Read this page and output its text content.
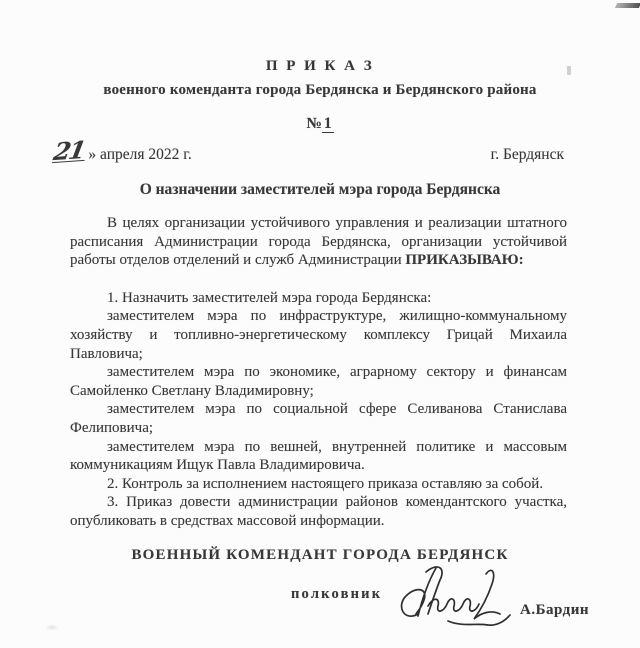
П Р И К А З
военного коменданта города Бердянска и Бердянского района
№ 1
21 » апреля 2022 г.	г. Бердянск
О назначении заместителей мэра города Бердянска

В целях организации устойчивого управления и реализации штатного расписания Администрации города Бердянска, организации устойчивой работы отделов отделений и служб Администрации ПРИКАЗЫВАЮ:

1. Назначить заместителей мэра города Бердянска:

заместителем мэра по инфраструктуре, жилищно-коммунальному хозяйству и топливно-энергетическому комплексу Грицай Михаила Павловича;

заместителем мэра по экономике, аграрному сектору и финансам Самойленко Светлану Владимировну;

заместителем мэра по социальной сфере Селиванова Станислава Фелиповича;

заместителем мэра по вешней, внутренней политике и массовым коммуникациям Ищук Павла Владимировича.

2. Контроль за исполнением настоящего приказа оставляю за собой.

3. Приказ довести администрации районов комендантского участка, опубликовать в средствах массовой информации.

ВОЕННЫЙ КОМЕНДАНТ ГОРОДА БЕРДЯНСК
полковник
А.Бардин
